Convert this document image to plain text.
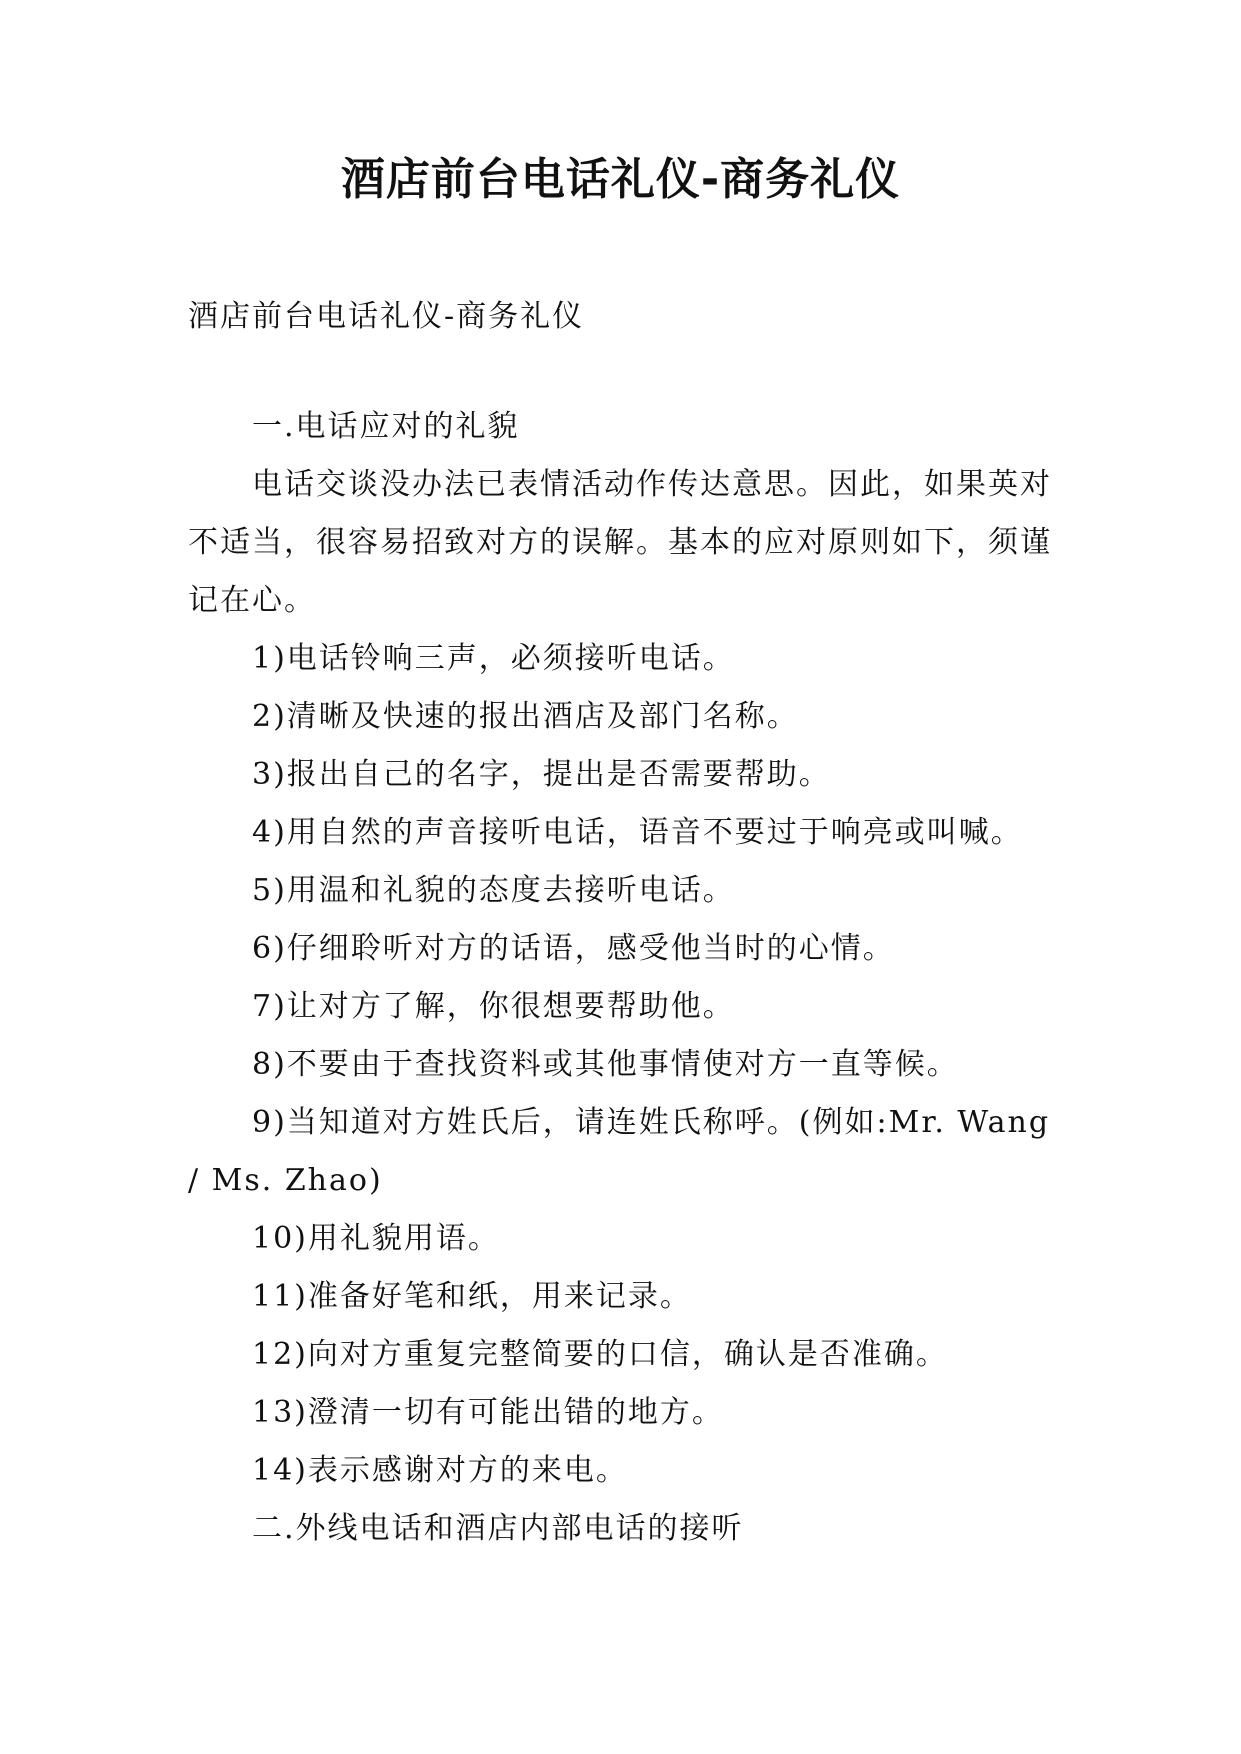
酒店前台电话礼仪-商务礼仪

酒店前台电话礼仪-商务礼仪

一.电话应对的礼貌

电话交谈没办法已表情活动作传达意思。因此，如果英对不适当，很容易招致对方的误解。基本的应对原则如下，须谨记在心。

1)电话铃响三声，必须接听电话。

2)清晰及快速的报出酒店及部门名称。

3)报出自己的名字，提出是否需要帮助。

4)用自然的声音接听电话，语音不要过于响亮或叫喊。

5)用温和礼貌的态度去接听电话。

6)仔细聆听对方的话语，感受他当时的心情。

7)让对方了解，你很想要帮助他。

8)不要由于查找资料或其他事情使对方一直等候。

9)当知道对方姓氏后，请连姓氏称呼。(例如:Mr. Wang / Ms. Zhao)

10)用礼貌用语。

11)准备好笔和纸，用来记录。

12)向对方重复完整简要的口信，确认是否准确。

13)澄清一切有可能出错的地方。

14)表示感谢对方的来电。

二.外线电话和酒店内部电话的接听
